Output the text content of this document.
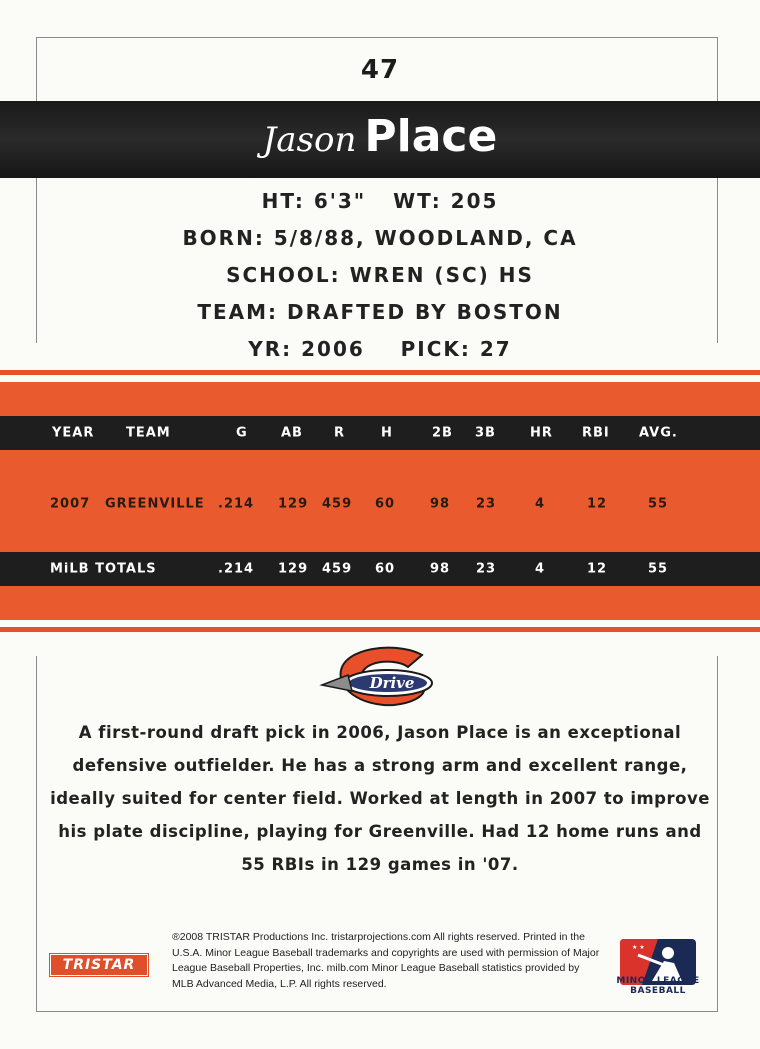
47
Jason Place
HT: 6'3"   WT: 205
BORN: 5/8/88, WOODLAND, CA
SCHOOL: WREN (SC) HS
TEAM: DRAFTED BY BOSTON
YR: 2006    PICK: 27
YEAR TEAM	G	AB R	H	2B 3B	HR RBI AVG.
2007 GREENVILLE .214 129 459 60	98 23	4	12	55
MiLB TOTALS	.214 129 459 60	98 23	4	12	55
Drive
A first-round draft pick in 2006, Jason Place is an exceptional defensive outfielder. He has a strong arm and excellent range, ideally suited for center field. Worked at length in 2007 to improve his plate discipline, playing for Greenville. Had 12 home runs and 55 RBIs in 129 games in '07.
TRISTAR
®2008 TRISTAR Productions Inc. tristarprojections.com All rights reserved. Printed in the U.S.A. Minor League Baseball trademarks and copyrights are used with permission of Major League Baseball Properties, Inc. milb.com Minor League Baseball statistics provided by MLB Advanced Media, L.P. All rights reserved.
★ ★
MINOR LEAGUE
BASEBALL
